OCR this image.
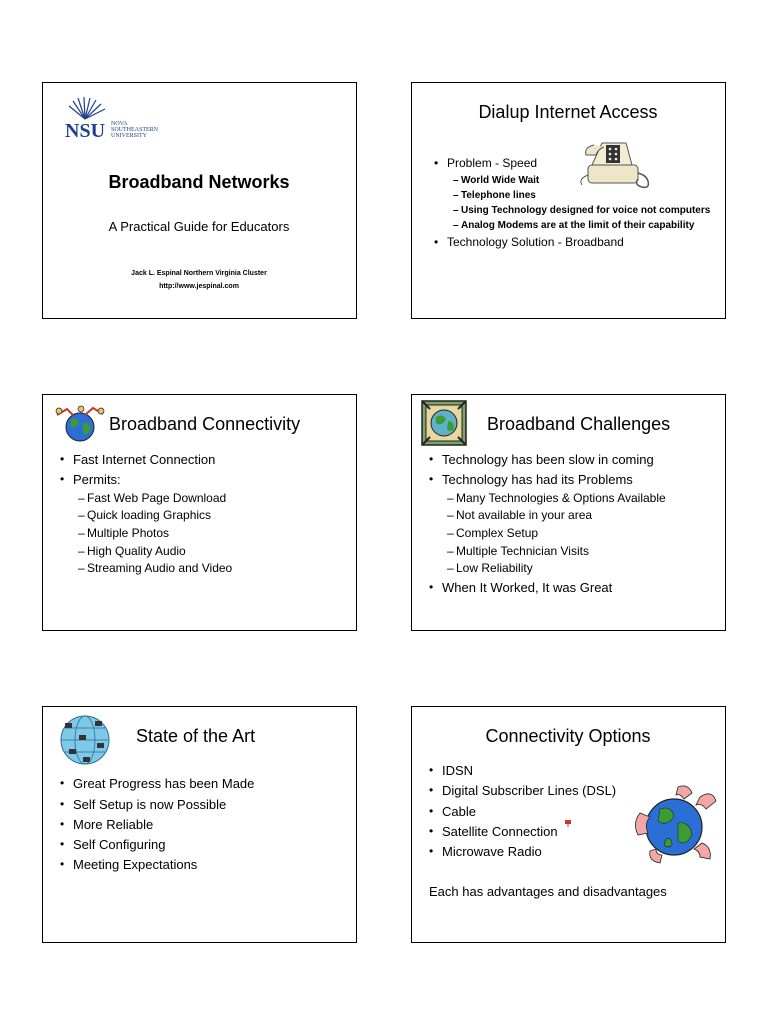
NSU NOVA
SOUTHEASTERN
UNIVERSITY
Broadband Networks
A Practical Guide for Educators
Jack L. Espinal Northern Virginia Cluster
http://www.jespinal.com
Dialup Internet Access
• Problem - Speed
– World Wide Wait
– Telephone lines
– Using Technology designed for voice not computers
– Analog Modems are at the limit of their capability
• Technology Solution - Broadband
Broadband Connectivity
• Fast Internet Connection
• Permits:
– Fast Web Page Download
– Quick loading Graphics
– Multiple Photos
– High Quality Audio
– Streaming Audio and Video
Broadband Challenges
• Technology has been slow in coming
• Technology has had its Problems
– Many Technologies & Options Available
– Not available in your area
– Complex Setup
– Multiple Technician Visits
– Low Reliability
• When It Worked, It was Great
State of the Art
• Great Progress has been Made
• Self Setup is now Possible
• More Reliable
• Self Configuring
• Meeting Expectations
Connectivity Options
• IDSN
• Digital Subscriber Lines (DSL)
• Cable
• Satellite Connection
• Microwave Radio
Each has advantages and disadvantages
